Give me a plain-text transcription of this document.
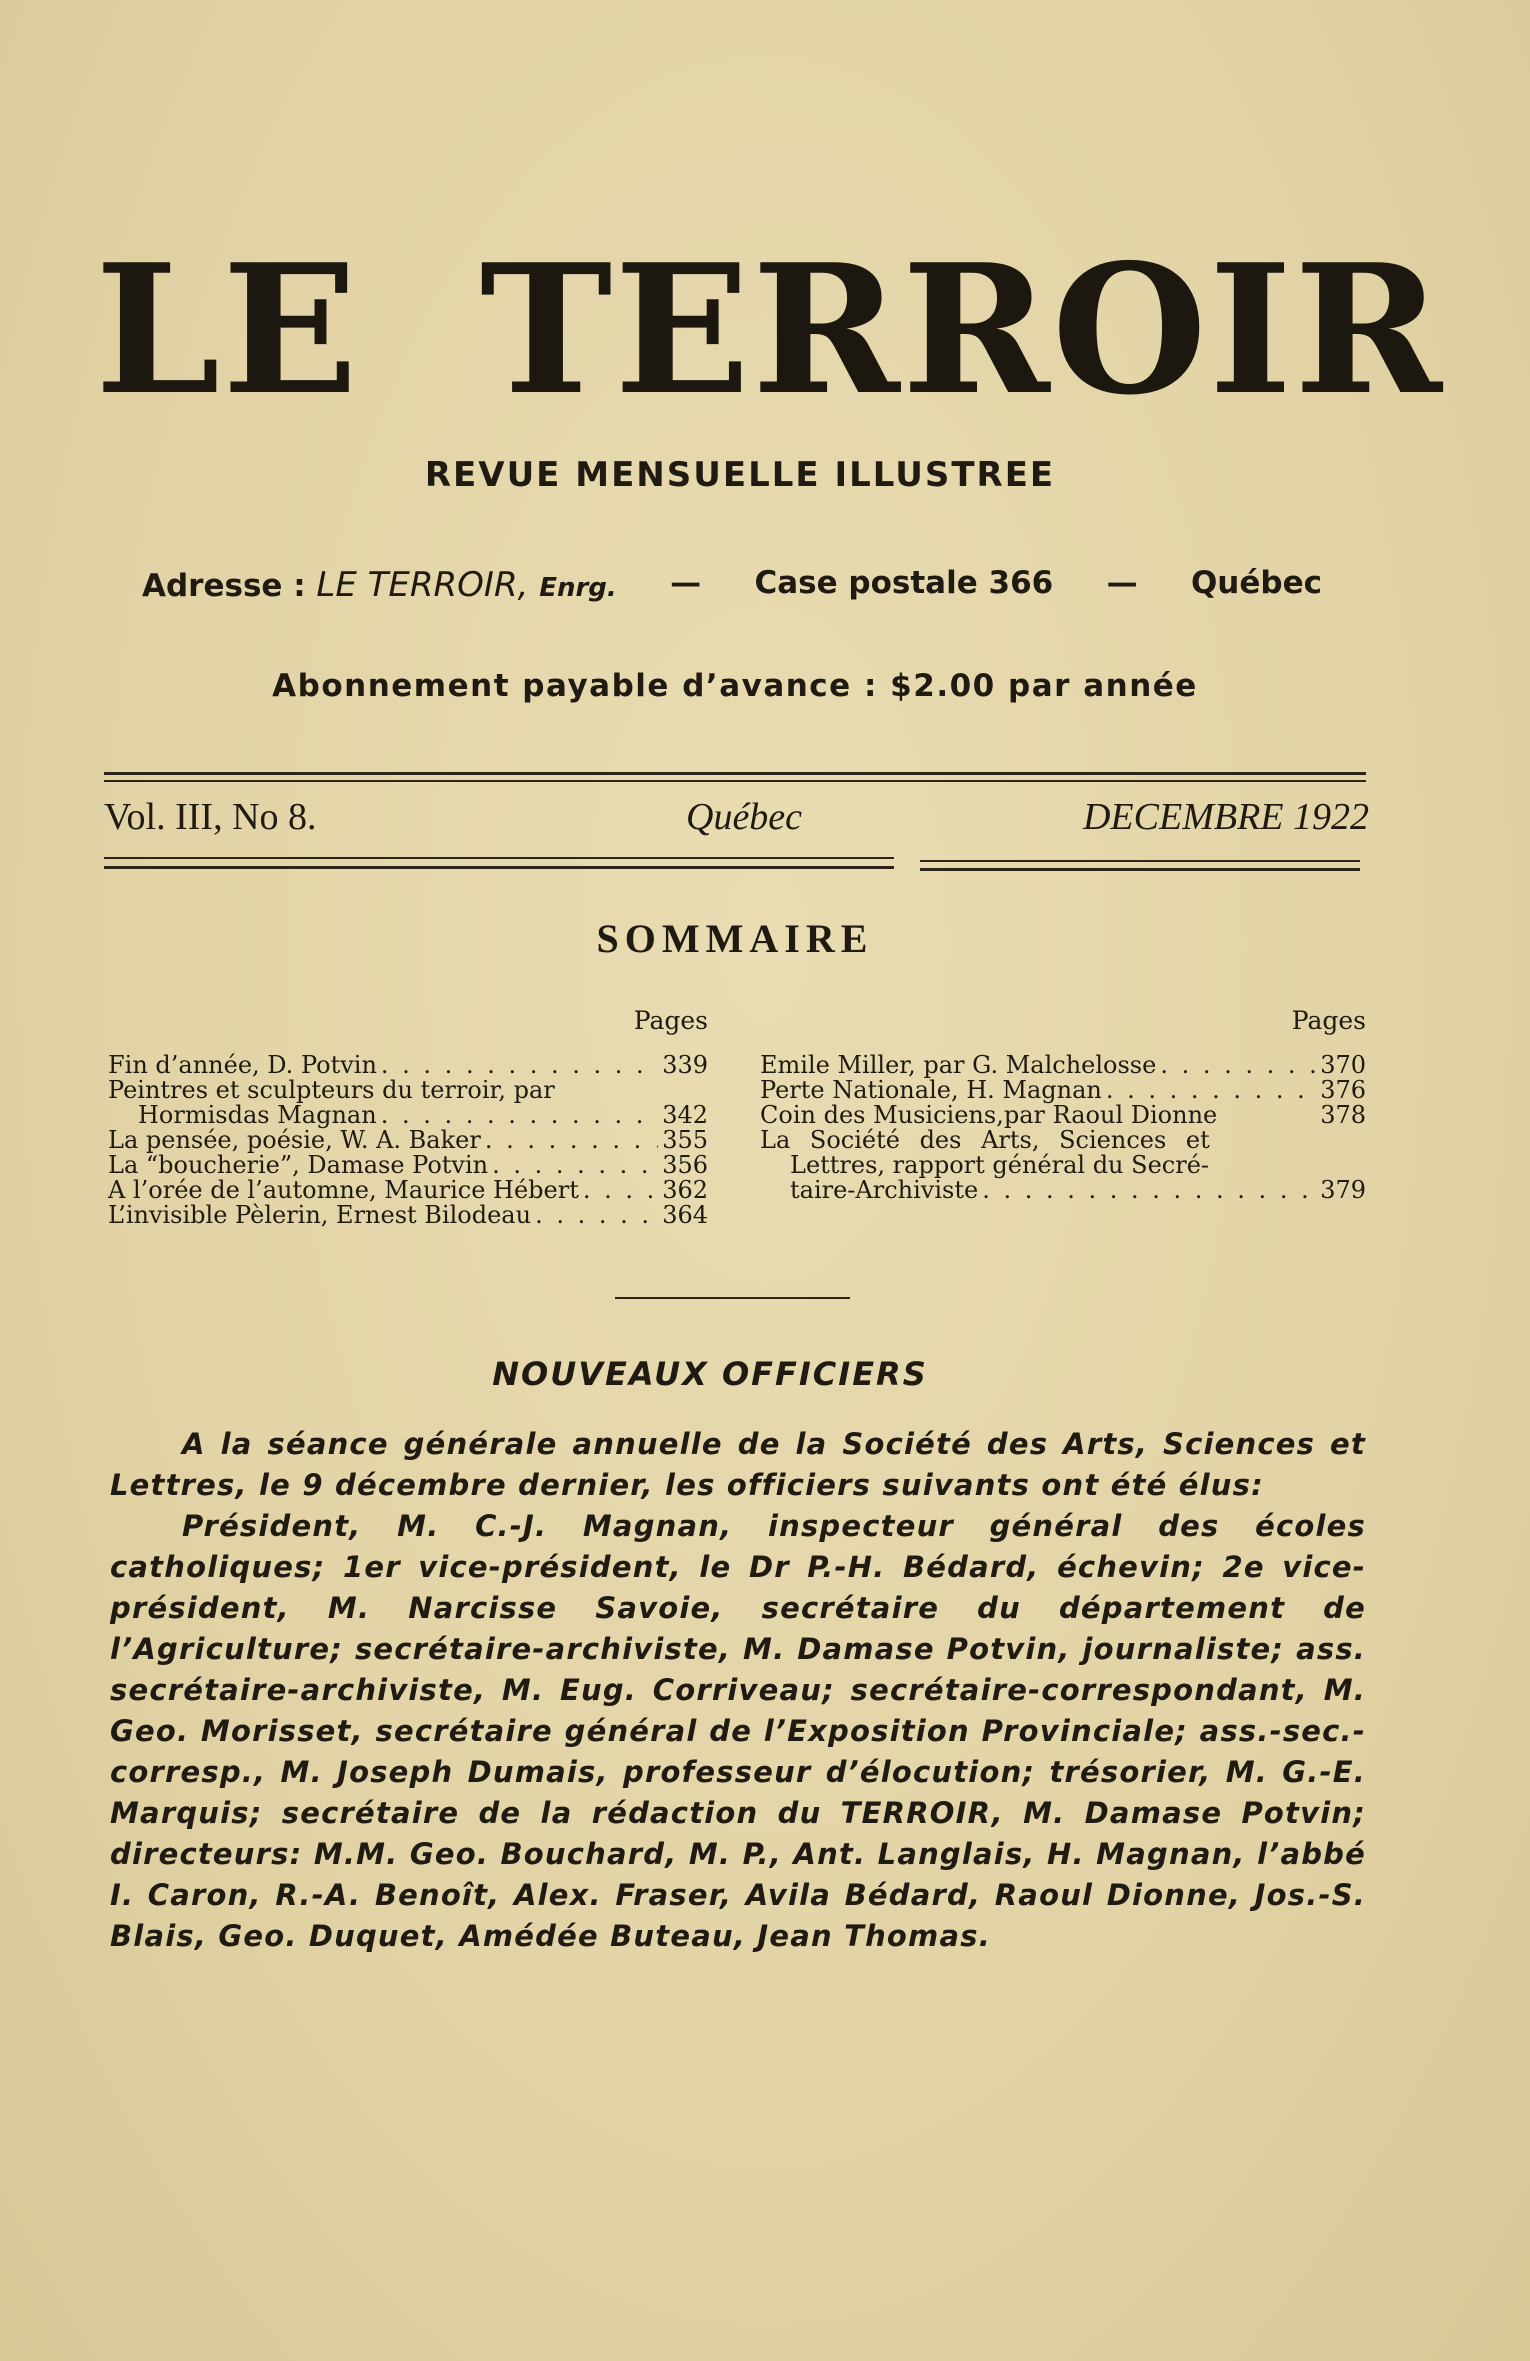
LE TERROIR
REVUE MENSUELLE ILLUSTREE
Adresse : LE TERROIR, Enrg. — Case postale 366 — Québec
Abonnement payable d’avance : $2.00 par année
Vol. III, No 8.	Québec	DECEMBRE 1922
SOMMAIRE
Pages
Fin d’année, D. Potvin . . .	339
Peintres et sculpteurs du terroir, par
Hormisdas Magnan . . .	342
La pensée, poésie, W. A. Baker . . .	355
La “boucherie”, Damase Potvin . . .	356
A l’orée de l’automne, Maurice Hébert . . .	362
L’invisible Pèlerin, Ernest Bilodeau . . .	364
Pages
Emile Miller, par G. Malchelosse . . .	370
Perte Nationale, H. Magnan . . .	376
Coin des Musiciens,par Raoul Dionne	378
La Société des Arts, Sciences et
Lettres, rapport général du Secré-
taire-Archiviste . . .	379
NOUVEAUX OFFICIERS

A la séance générale annuelle de la Société des Arts, Sciences et Lettres, le 9 décembre dernier, les officiers suivants ont été élus:

Président, M. C.-J. Magnan, inspecteur général des écoles catholiques; 1er vice-président, le Dr P.-H. Bédard, échevin; 2e vice-président, M. Narcisse Savoie, secrétaire du département de l’Agriculture; secrétaire-archiviste, M. Damase Potvin, journaliste; ass. secrétaire-archiviste, M. Eug. Corriveau; secrétaire-correspondant, M. Geo. Morisset, secrétaire général de l’Exposition Provinciale; ass.-sec.-corresp., M. Joseph Dumais, professeur d’élocution; trésorier, M. G.-E. Marquis; secrétaire de la rédaction du TERROIR, M. Damase Potvin; directeurs: M.M. Geo. Bouchard, M. P., Ant. Langlais, H. Magnan, l’abbé I. Caron, R.-A. Benoît, Alex. Fraser, Avila Bédard, Raoul Dionne, Jos.-S. Blais, Geo. Duquet, Amédée Buteau, Jean Thomas.
